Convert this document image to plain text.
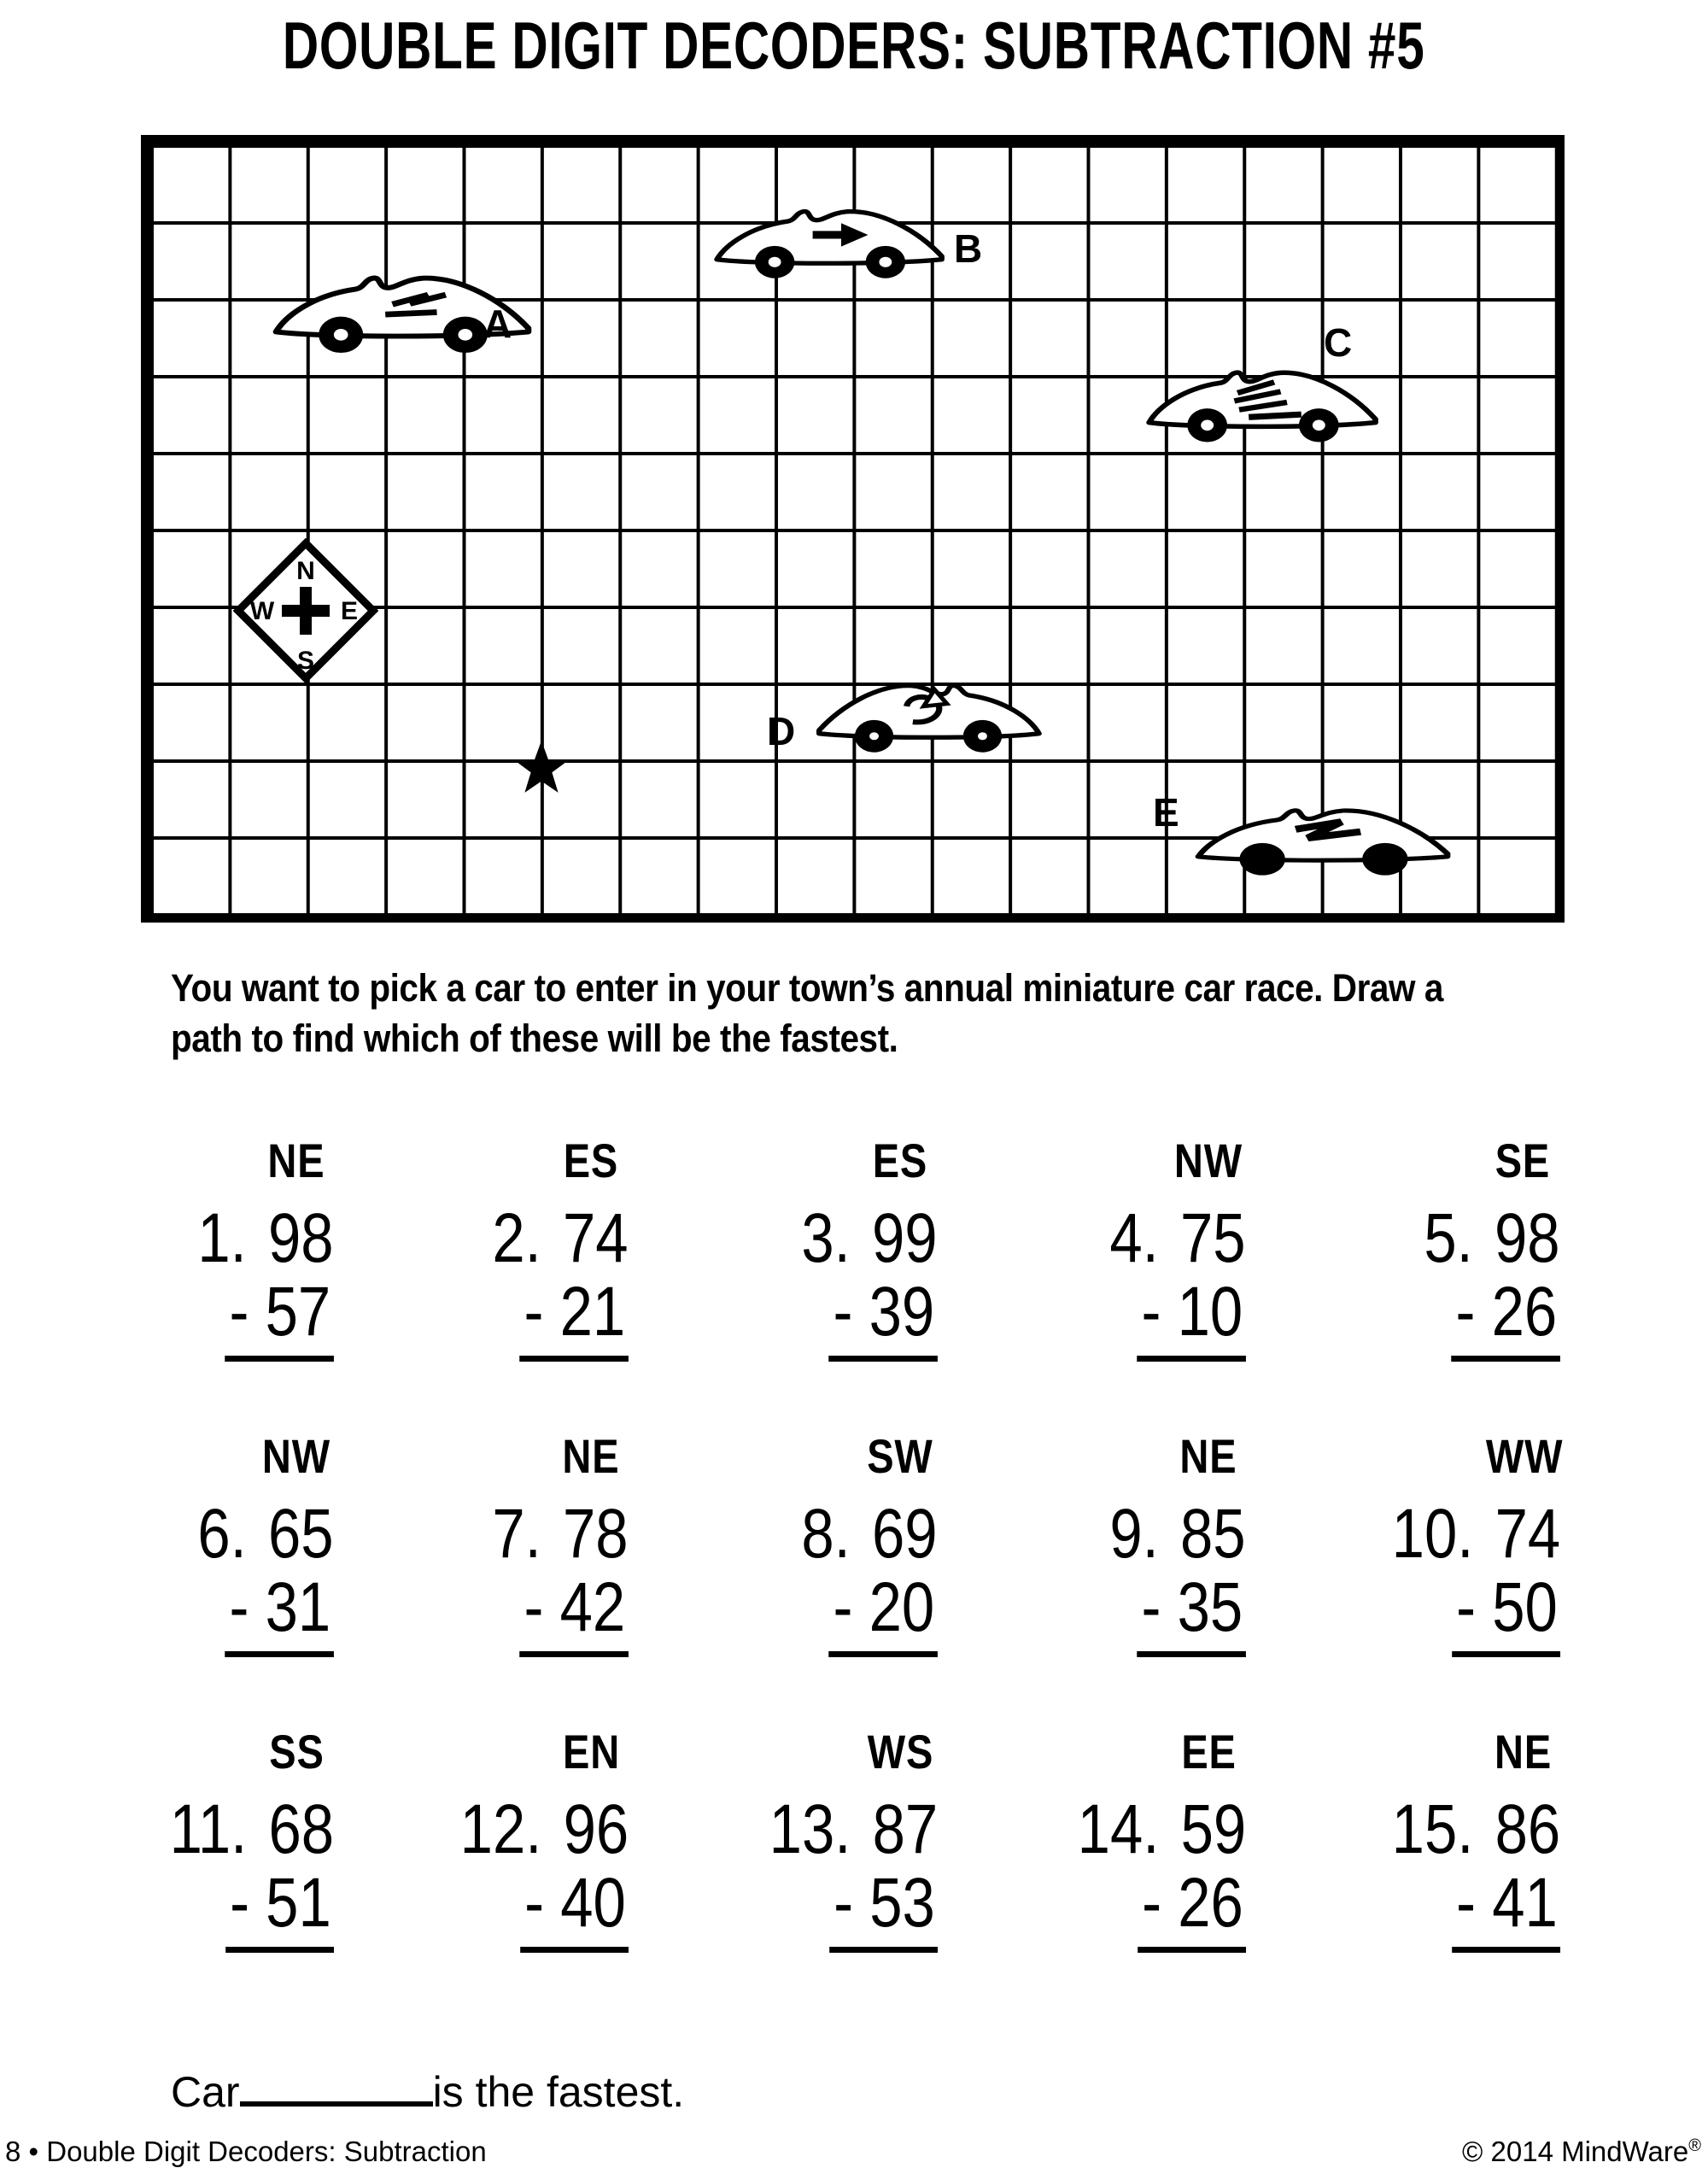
DOUBLE DIGIT DECODERS: SUBTRACTION #5
N
S
W	E
A
B
C
D
E
You want to pick a car to enter in your town’s annual miniature car race. Draw a
path to find which of these will be the fastest.
NE
1. 98
- 57
ES
2. 74
- 21
ES
3. 99
- 39
NW
4. 75
- 10
SE
5. 98
- 26
NW
6. 65
- 31
NE
7. 78
- 42
SW
8. 69
- 20
NE
9. 85
- 35
WW
10. 74
- 50
SS
11. 68
- 51
EN
12. 96
- 40
WS
13. 87
- 53
EE
14. 59
- 26
NE
15. 86
- 41
Car	is the fastest.
8 • Double Digit Decoders: Subtraction	© 2014 MindWare®
